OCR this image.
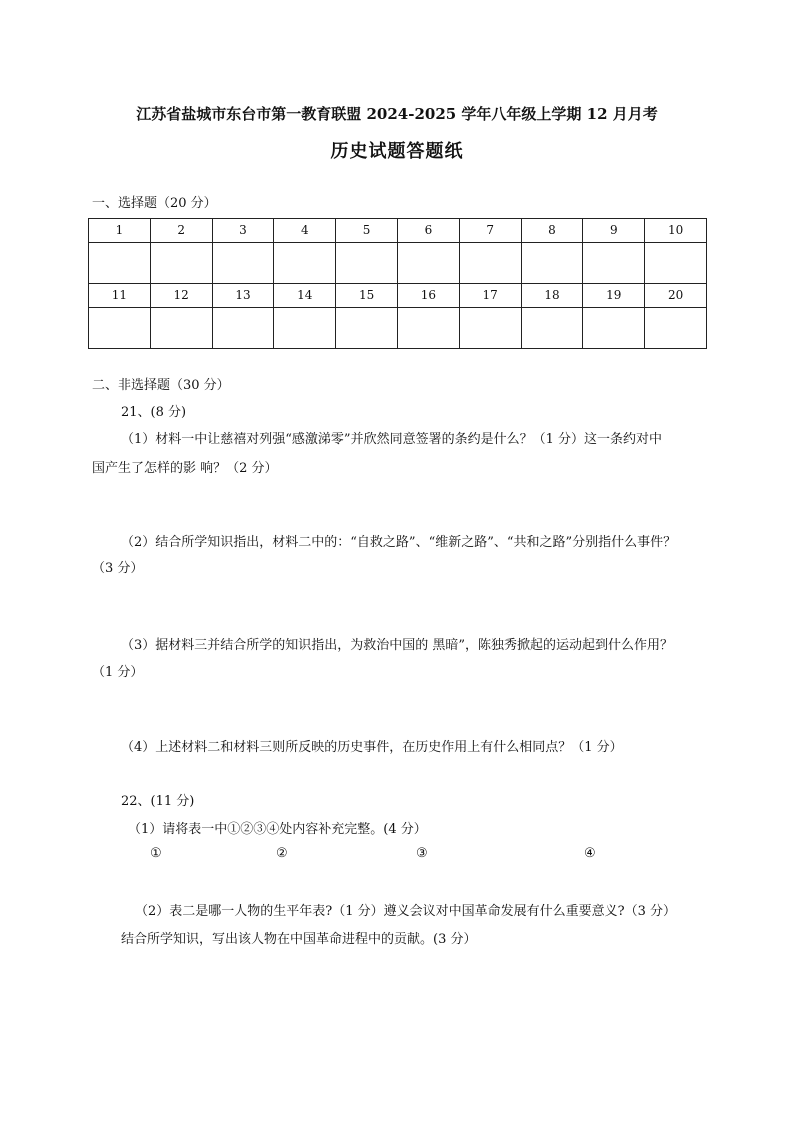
江苏省盐城市东台市第一教育联盟 2024-2025 学年八年级上学期 12 月月考
历史试题答题纸
一、选择题（20 分）
1	2	3	4	5	6	7	8	9	10

11	12	13	14	15	16	17	18	19	20

二、非选择题（30 分）
21、(8 分)
（1）材料一中让慈禧对列强“感激涕零”并欣然同意签署的条约是什么？（1 分）这一条约对中
国产生了怎样的影 响？（2 分）
（2）结合所学知识指出，材料二中的：“自救之路”、“维新之路”、“共和之路”分别指什么事件？
（3 分）
（3）据材料三并结合所学的知识指出，为救治中国的 黑暗”，陈独秀掀起的运动起到什么作用？
（1 分）
（4）上述材料二和材料三则所反映的历史事件，在历史作用上有什么相同点？（1 分）
22、(11 分)
（1）请将表一中①②③④处内容补充完整。(4 分）
①	②	③	④
（2）表二是哪一人物的生平年表?（1 分）遵义会议对中国革命发展有什么重要意义?（3 分）
结合所学知识，写出该人物在中国革命进程中的贡献。(3 分）
